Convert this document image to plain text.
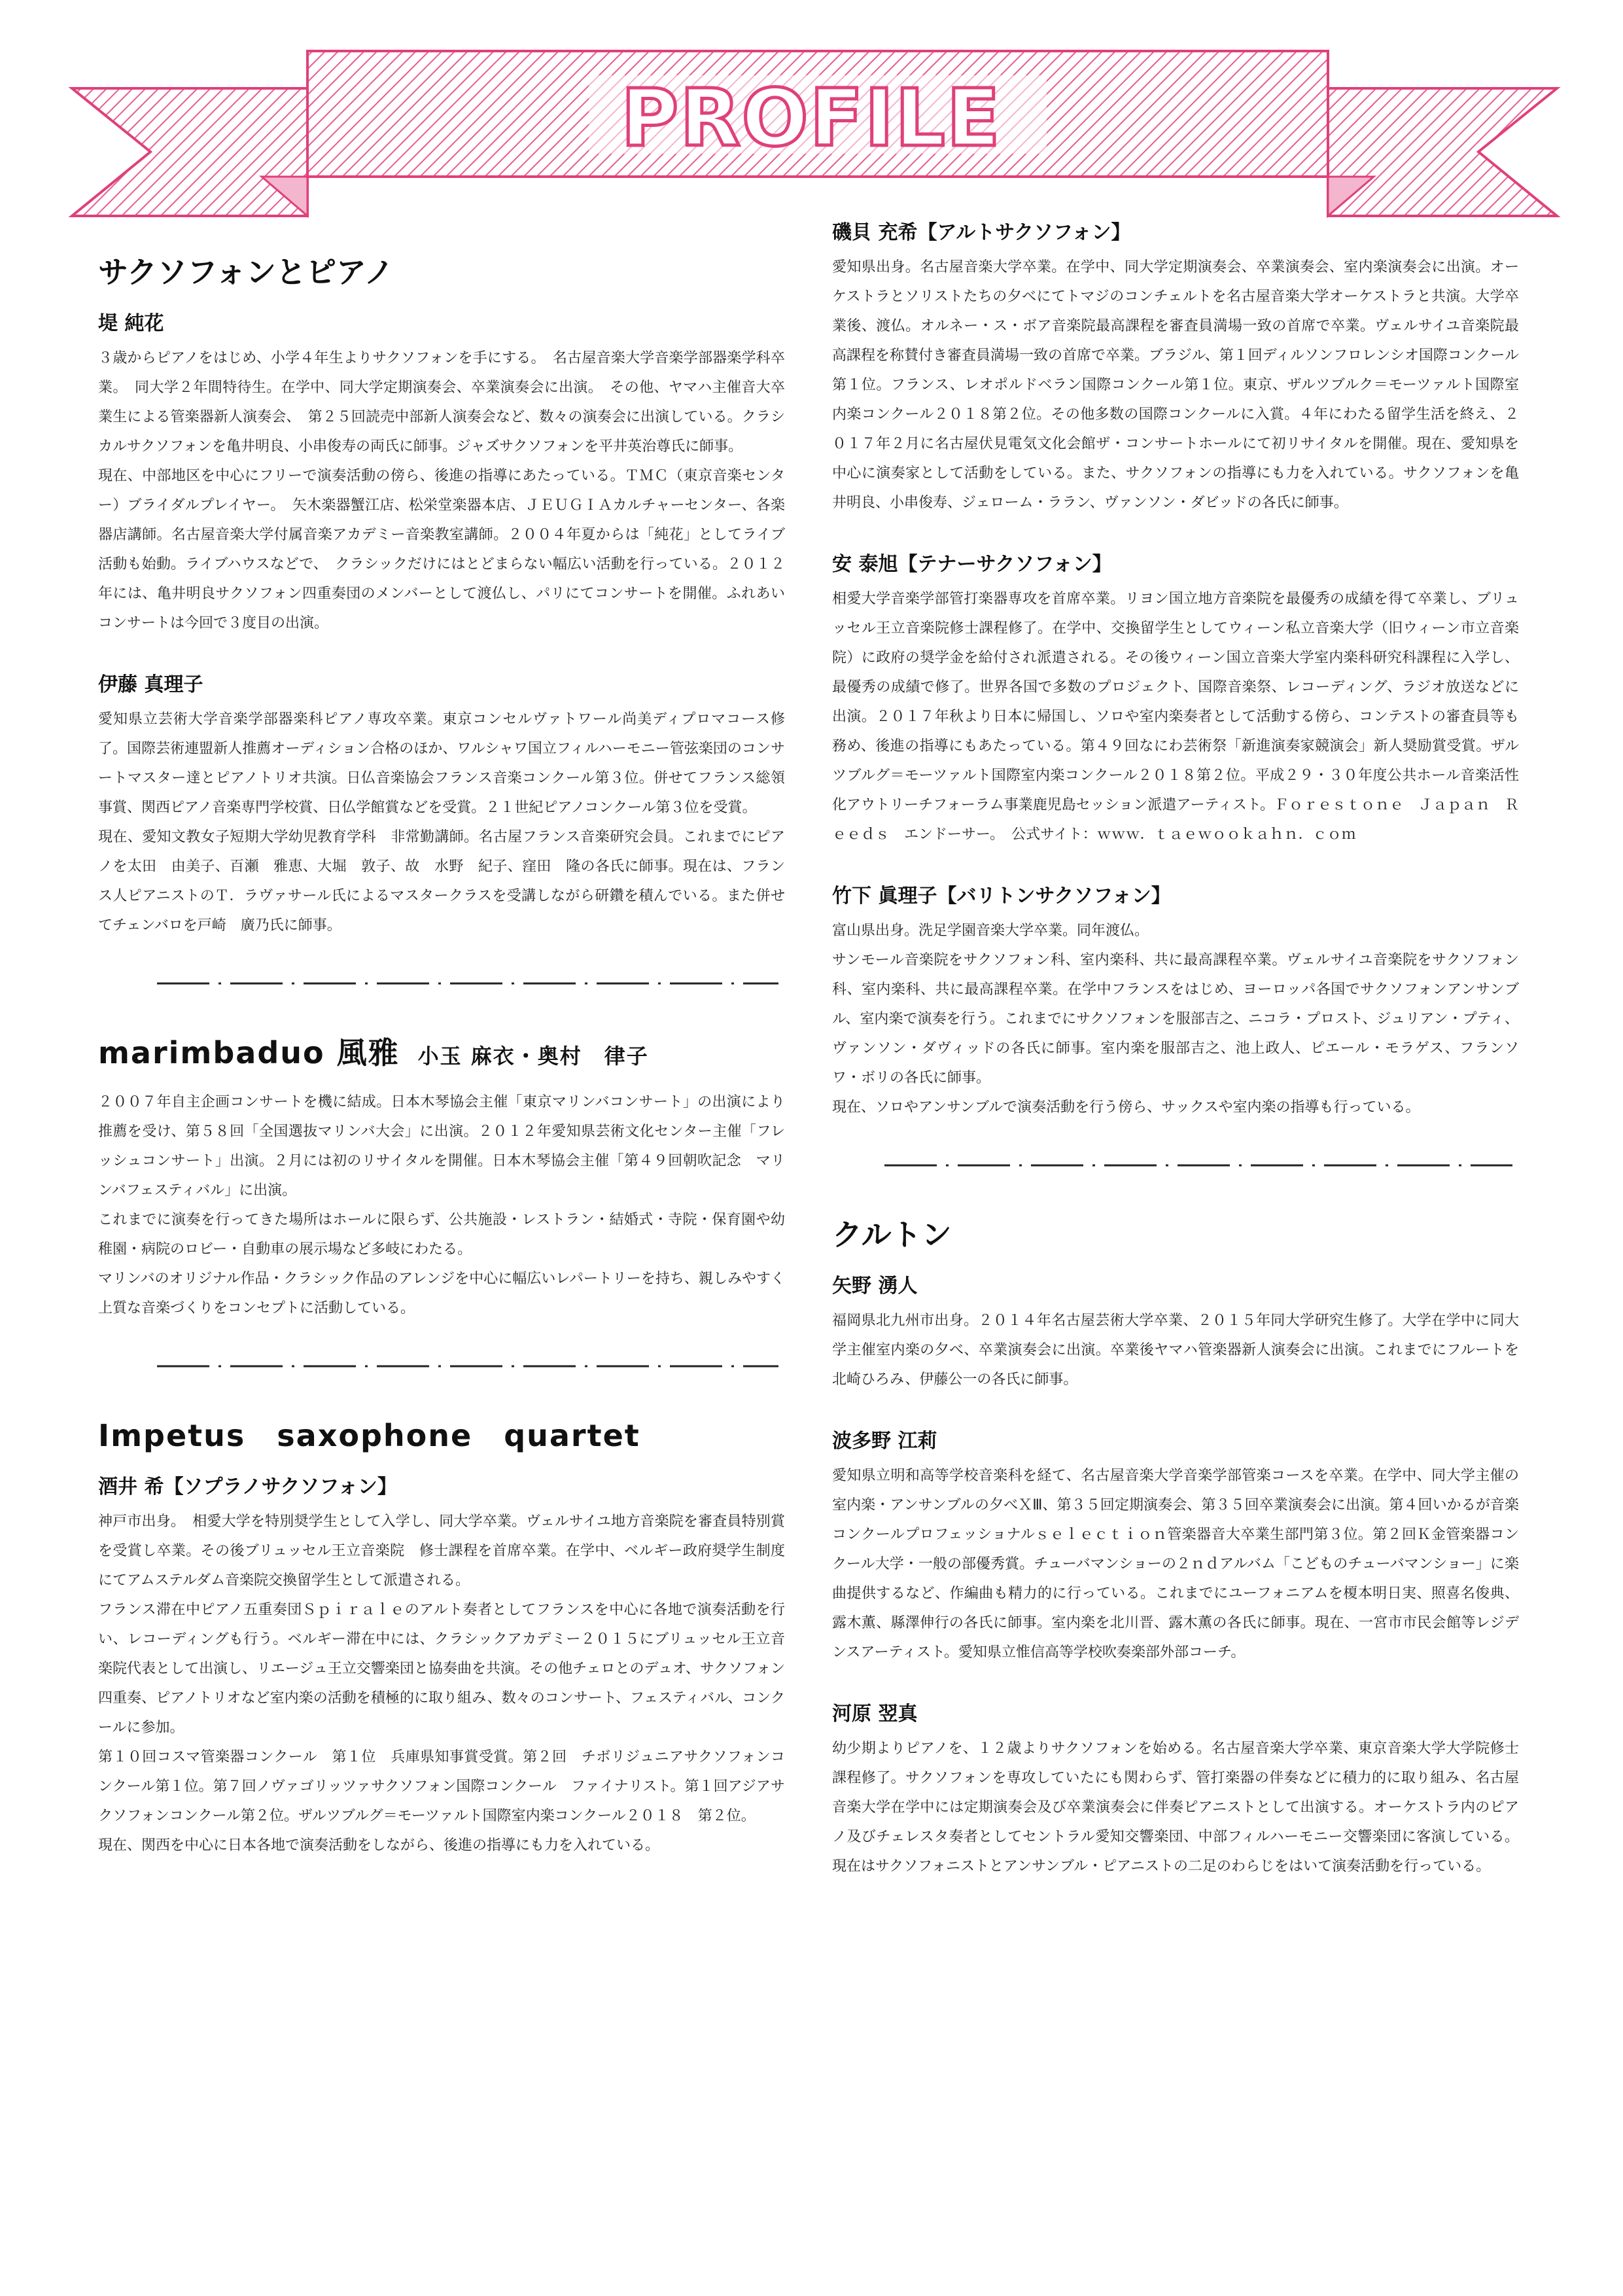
PROFILE
サクソフォンとピアノ
堤 純花

３歳からピアノをはじめ、小学４年生よりサクソフォンを手にする。　名古屋音楽大学音楽学部器楽学科卒業。　同大学２年間特待生。在学中、同大学定期演奏会、卒業演奏会に出演。　その他、ヤマハ主催音大卒業生による管楽器新人演奏会、　第２５回読売中部新人演奏会など、数々の演奏会に出演している。クラシカルサクソフォンを亀井明良、小串俊寿の両氏に師事。ジャズサクソフォンを平井英治尊氏に師事。

現在、中部地区を中心にフリーで演奏活動の傍ら、後進の指導にあたっている。ＴＭＣ（東京音楽センター）ブライダルプレイヤー。　矢木楽器蟹江店、松栄堂楽器本店、ＪＥＵＧＩＡカルチャーセンター、各楽器店講師。名古屋音楽大学付属音楽アカデミー音楽教室講師。２００４年夏からは「純花」としてライブ活動も始動。ライブハウスなどで、　クラシックだけにはとどまらない幅広い活動を行っている。２０１２年には、亀井明良サクソフォン四重奏団のメンバーとして渡仏し、パリにてコンサートを開催。ふれあいコンサートは今回で３度目の出演。

伊藤 真理子

愛知県立芸術大学音楽学部器楽科ピアノ専攻卒業。東京コンセルヴァトワール尚美ディプロマコース修了。国際芸術連盟新人推薦オーディション合格のほか、ワルシャワ国立フィルハーモニー管弦楽団のコンサートマスター達とピアノトリオ共演。日仏音楽協会フランス音楽コンクール第３位。併せてフランス総領事賞、関西ピアノ音楽専門学校賞、日仏学館賞などを受賞。２１世紀ピアノコンクール第３位を受賞。

現在、愛知文教女子短期大学幼児教育学科　非常勤講師。名古屋フランス音楽研究会員。これまでにピアノを太田　由美子、百瀬　雅恵、大堀　敦子、故　水野　紀子、窪田　隆の各氏に師事。現在は、フランス人ピアニストのＴ．ラヴァサール氏によるマスタークラスを受講しながら研鑽を積んでいる。また併せてチェンバロを戸崎　廣乃氏に師事。

marimbaduo 風雅 小玉 麻衣・奥村　律子

２００７年自主企画コンサートを機に結成。日本木琴協会主催「東京マリンバコンサート」の出演により推薦を受け、第５８回「全国選抜マリンバ大会」に出演。２０１２年愛知県芸術文化センター主催「フレッシュコンサート」出演。２月には初のリサイタルを開催。日本木琴協会主催「第４９回朝吹記念　マリンバフェスティバル」に出演。

これまでに演奏を行ってきた場所はホールに限らず、公共施設・レストラン・結婚式・寺院・保育園や幼稚園・病院のロビー・自動車の展示場など多岐にわたる。

マリンバのオリジナル作品・クラシック作品のアレンジを中心に幅広いレパートリーを持ち、親しみやすく上質な音楽づくりをコンセプトに活動している。

Impetus　saxophone　quartet
酒井 希【ソプラノサクソフォン】

神戸市出身。　相愛大学を特別奨学生として入学し、同大学卒業。ヴェルサイユ地方音楽院を審査員特別賞を受賞し卒業。その後ブリュッセル王立音楽院　修士課程を首席卒業。在学中、ベルギー政府奨学生制度にてアムステルダム音楽院交換留学生として派遣される。

フランス滞在中ピアノ五重奏団Ｓｐｉｒａｌｅのアルト奏者としてフランスを中心に各地で演奏活動を行い、レコーディングも行う。ベルギー滞在中には、クラシックアカデミー２０１５にブリュッセル王立音楽院代表として出演し、リエージュ王立交響楽団と協奏曲を共演。その他チェロとのデュオ、サクソフォン四重奏、ピアノトリオなど室内楽の活動を積極的に取り組み、数々のコンサート、フェスティバル、コンクールに参加。

第１０回コスマ管楽器コンクール　第１位　兵庫県知事賞受賞。第２回　チボリジュニアサクソフォンコンクール第１位。第７回ノヴァゴリッツァサクソフォン国際コンクール　ファイナリスト。第１回アジアサクソフォンコンクール第２位。ザルツブルグ＝モーツァルト国際室内楽コンクール２０１８　第２位。

現在、関西を中心に日本各地で演奏活動をしながら、後進の指導にも力を入れている。

磯貝 充希【アルトサクソフォン】

愛知県出身。名古屋音楽大学卒業。在学中、同大学定期演奏会、卒業演奏会、室内楽演奏会に出演。オーケストラとソリストたちの夕べにてトマジのコンチェルトを名古屋音楽大学オーケストラと共演。大学卒業後、渡仏。オルネー・ス・ボア音楽院最高課程を審査員満場一致の首席で卒業。ヴェルサイユ音楽院最高課程を称賛付き審査員満場一致の首席で卒業。ブラジル、第１回ディルソンフロレンシオ国際コンクール第１位。フランス、レオポルドベラン国際コンクール第１位。東京、ザルツブルク＝モーツァルト国際室内楽コンクール２０１８第２位。その他多数の国際コンクールに入賞。４年にわたる留学生活を終え、２０１７年２月に名古屋伏見電気文化会館ザ・コンサートホールにて初リサイタルを開催。現在、愛知県を中心に演奏家として活動をしている。また、サクソフォンの指導にも力を入れている。サクソフォンを亀井明良、小串俊寿、ジェローム・ララン、ヴァンソン・ダビッドの各氏に師事。

安 泰旭【テナーサクソフォン】

相愛大学音楽学部管打楽器専攻を首席卒業。リヨン国立地方音楽院を最優秀の成績を得て卒業し、ブリュッセル王立音楽院修士課程修了。在学中、交換留学生としてウィーン私立音楽大学（旧ウィーン市立音楽院）に政府の奨学金を給付され派遣される。その後ウィーン国立音楽大学室内楽科研究科課程に入学し、最優秀の成績で修了。世界各国で多数のプロジェクト、国際音楽祭、レコーディング、ラジオ放送などに出演。２０１７年秋より日本に帰国し、ソロや室内楽奏者として活動する傍ら、コンテストの審査員等も務め、後進の指導にもあたっている。第４９回なにわ芸術祭「新進演奏家競演会」新人奨励賞受賞。ザルツブルグ＝モーツァルト国際室内楽コンクール２０１８第２位。平成２９・３０年度公共ホール音楽活性化アウトリーチフォーラム事業鹿児島セッション派遣アーティスト。Ｆｏｒｅｓｔｏｎｅ　Ｊａｐａｎ　Ｒｅｅｄｓ　エンドーサー。　公式サイト：ｗｗｗ．ｔａｅｗｏｏｋａｈｎ．ｃｏｍ

竹下 眞理子【バリトンサクソフォン】

富山県出身。洗足学園音楽大学卒業。同年渡仏。

サンモール音楽院をサクソフォン科、室内楽科、共に最高課程卒業。ヴェルサイユ音楽院をサクソフォン科、室内楽科、共に最高課程卒業。在学中フランスをはじめ、ヨーロッパ各国でサクソフォンアンサンブル、室内楽で演奏を行う。これまでにサクソフォンを服部吉之、ニコラ・プロスト、ジュリアン・プティ、ヴァンソン・ダヴィッドの各氏に師事。室内楽を服部吉之、池上政人、ピエール・モラゲス、フランソワ・ボリの各氏に師事。

現在、ソロやアンサンブルで演奏活動を行う傍ら、サックスや室内楽の指導も行っている。

クルトン
矢野 湧人

福岡県北九州市出身。２０１４年名古屋芸術大学卒業、２０１５年同大学研究生修了。大学在学中に同大学主催室内楽の夕べ、卒業演奏会に出演。卒業後ヤマハ管楽器新人演奏会に出演。これまでにフルートを北崎ひろみ、伊藤公一の各氏に師事。

波多野 江莉

愛知県立明和高等学校音楽科を経て、名古屋音楽大学音楽学部管楽コースを卒業。在学中、同大学主催の室内楽・アンサンブルの夕べＸⅢ、第３５回定期演奏会、第３５回卒業演奏会に出演。第４回いかるが音楽コンクールプロフェッショナルｓｅｌｅｃｔｉｏｎ管楽器音大卒業生部門第３位。第２回Ｋ金管楽器コンクール大学・一般の部優秀賞。チューバマンショーの２ｎｄアルバム「こどものチューバマンショー」に楽曲提供するなど、作編曲も精力的に行っている。これまでにユーフォニアムを榎本明日実、照喜名俊典、露木薫、縣澤伸行の各氏に師事。室内楽を北川晋、露木薫の各氏に師事。現在、一宮市市民会館等レジデンスアーティスト。愛知県立惟信高等学校吹奏楽部外部コーチ。

河原 翌真

幼少期よりピアノを、１２歳よりサクソフォンを始める。名古屋音楽大学卒業、東京音楽大学大学院修士課程修了。サクソフォンを専攻していたにも関わらず、管打楽器の伴奏などに積力的に取り組み、名古屋音楽大学在学中には定期演奏会及び卒業演奏会に伴奏ピアニストとして出演する。オーケストラ内のピアノ及びチェレスタ奏者としてセントラル愛知交響楽団、中部フィルハーモニー交響楽団に客演している。現在はサクソフォニストとアンサンブル・ピアニストの二足のわらじをはいて演奏活動を行っている。
